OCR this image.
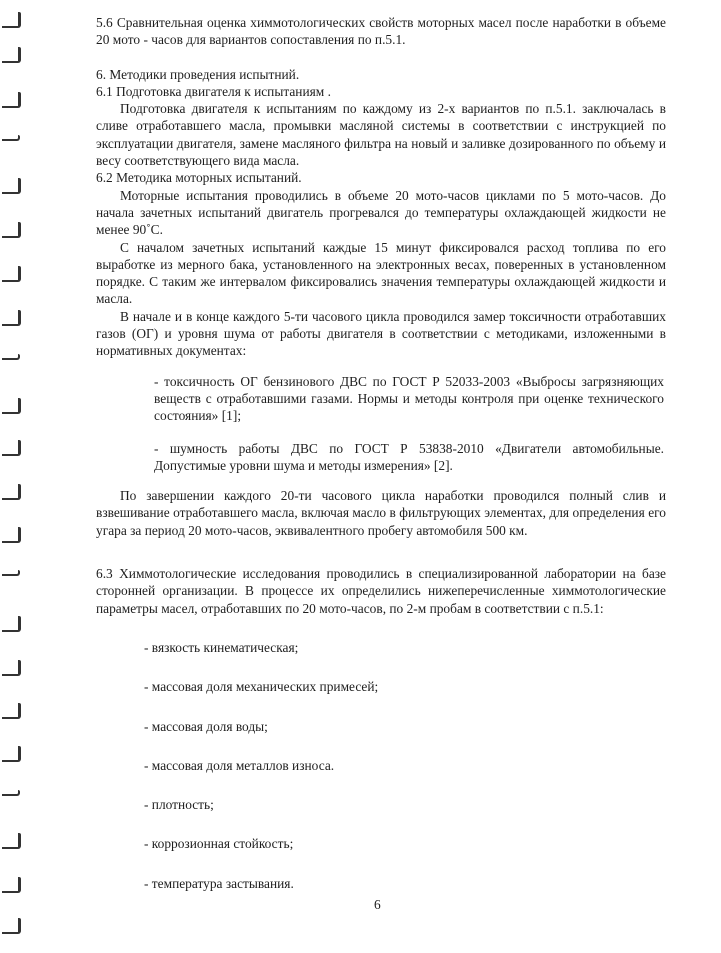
5.6 Сравнительная оценка химмотологических свойств моторных масел после наработки в объеме 20 мото - часов для вариантов сопоставления по п.5.1.

6. Методики проведения испытний.

6.1 Подготовка двигателя к испытаниям .

Подготовка двигателя к испытаниям по каждому из 2-х вариантов по п.5.1. заключалась в сливе отработавшего масла, промывки масляной системы в соответствии с инструкцией по эксплуатации двигателя, замене масляного фильтра на новый и заливке дозированного по объему и весу соответствующего вида масла.

6.2 Методика моторных испытаний.

Моторные испытания проводились в объеме 20 мото-часов циклами по 5 мото-часов. До начала зачетных испытаний двигатель прогревался до температуры охлаждающей жидкости не менее 90˚С.

С началом зачетных испытаний каждые 15 минут фиксировался расход топлива по его выработке из мерного бака, установленного на электронных весах, поверенных в установленном порядке. С таким же интервалом фиксировались значения температуры охлаждающей жидкости и масла.

В начале и в конце каждого 5-ти часового цикла проводился замер токсичности отработавших газов (ОГ) и уровня шума от работы двигателя в соответствии с методиками, изложенными в нормативных документах:

- токсичность ОГ бензинового ДВС по ГОСТ Р 52033-2003 «Выбросы загрязняющих веществ с отработавшими газами. Нормы и методы контроля при оценке технического состояния» [1];

- шумность работы ДВС по ГОСТ Р 53838-2010 «Двигатели автомобильные. Допустимые уровни шума и методы измерения» [2].

По завершении каждого 20-ти часового цикла наработки проводился полный слив и взвешивание отработавшего масла, включая масло в фильтрующих элементах, для определения его угара за период 20 мото-часов, эквивалентного пробегу автомобиля 500 км.

6.3 Химмотологические исследования проводились в специализированной лаборатории на базе сторонней организации. В процессе их определились нижеперечисленные химмотологические параметры масел, отработавших по 20 мото-часов, по 2-м пробам в соответствии с п.5.1:

- вязкость кинематическая;

- массовая доля механических примесей;

- массовая доля воды;

- массовая доля металлов износа.

- плотность;

- коррозионная стойкость;

- температура застывания.

6
